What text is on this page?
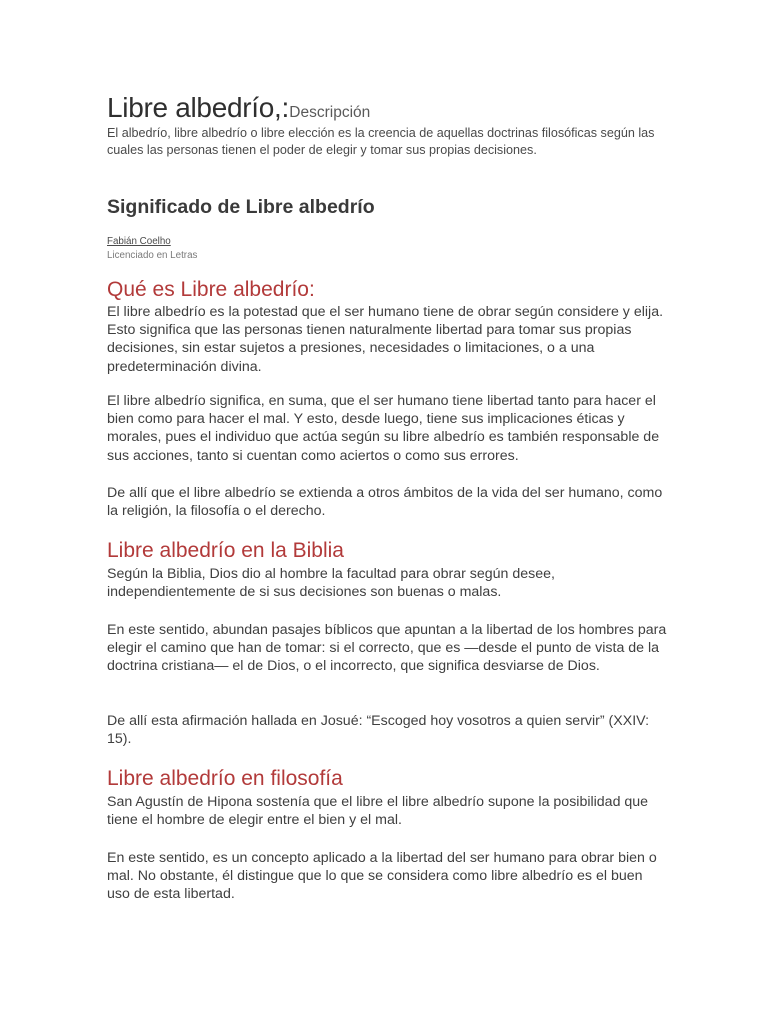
Libre albedrío,:Descripción
El albedrío, libre albedrío o libre elección es la creencia de aquellas doctrinas filosóficas según las cuales las personas tienen el poder de elegir y tomar sus propias decisiones.
Significado de Libre albedrío
Fabián Coelho
Licenciado en Letras
Qué es Libre albedrío:
El libre albedrío es la potestad que el ser humano tiene de obrar según considere y elija. Esto significa que las personas tienen naturalmente libertad para tomar sus propias decisiones, sin estar sujetos a presiones, necesidades o limitaciones, o a una predeterminación divina.
El libre albedrío significa, en suma, que el ser humano tiene libertad tanto para hacer el bien como para hacer el mal. Y esto, desde luego, tiene sus implicaciones éticas y morales, pues el individuo que actúa según su libre albedrío es también responsable de sus acciones, tanto si cuentan como aciertos o como sus errores.
De allí que el libre albedrío se extienda a otros ámbitos de la vida del ser humano, como la religión, la filosofía o el derecho.
Libre albedrío en la Biblia
Según la Biblia, Dios dio al hombre la facultad para obrar según desee, independientemente de si sus decisiones son buenas o malas.
En este sentido, abundan pasajes bíblicos que apuntan a la libertad de los hombres para elegir el camino que han de tomar: si el correcto, que es —desde el punto de vista de la doctrina cristiana— el de Dios, o el incorrecto, que significa desviarse de Dios.
De allí esta afirmación hallada en Josué: “Escoged hoy vosotros a quien servir” (XXIV: 15).
Libre albedrío en filosofía
San Agustín de Hipona sostenía que el libre el libre albedrío supone la posibilidad que tiene el hombre de elegir entre el bien y el mal.
En este sentido, es un concepto aplicado a la libertad del ser humano para obrar bien o mal. No obstante, él distingue que lo que se considera como libre albedrío es el buen uso de esta libertad.
